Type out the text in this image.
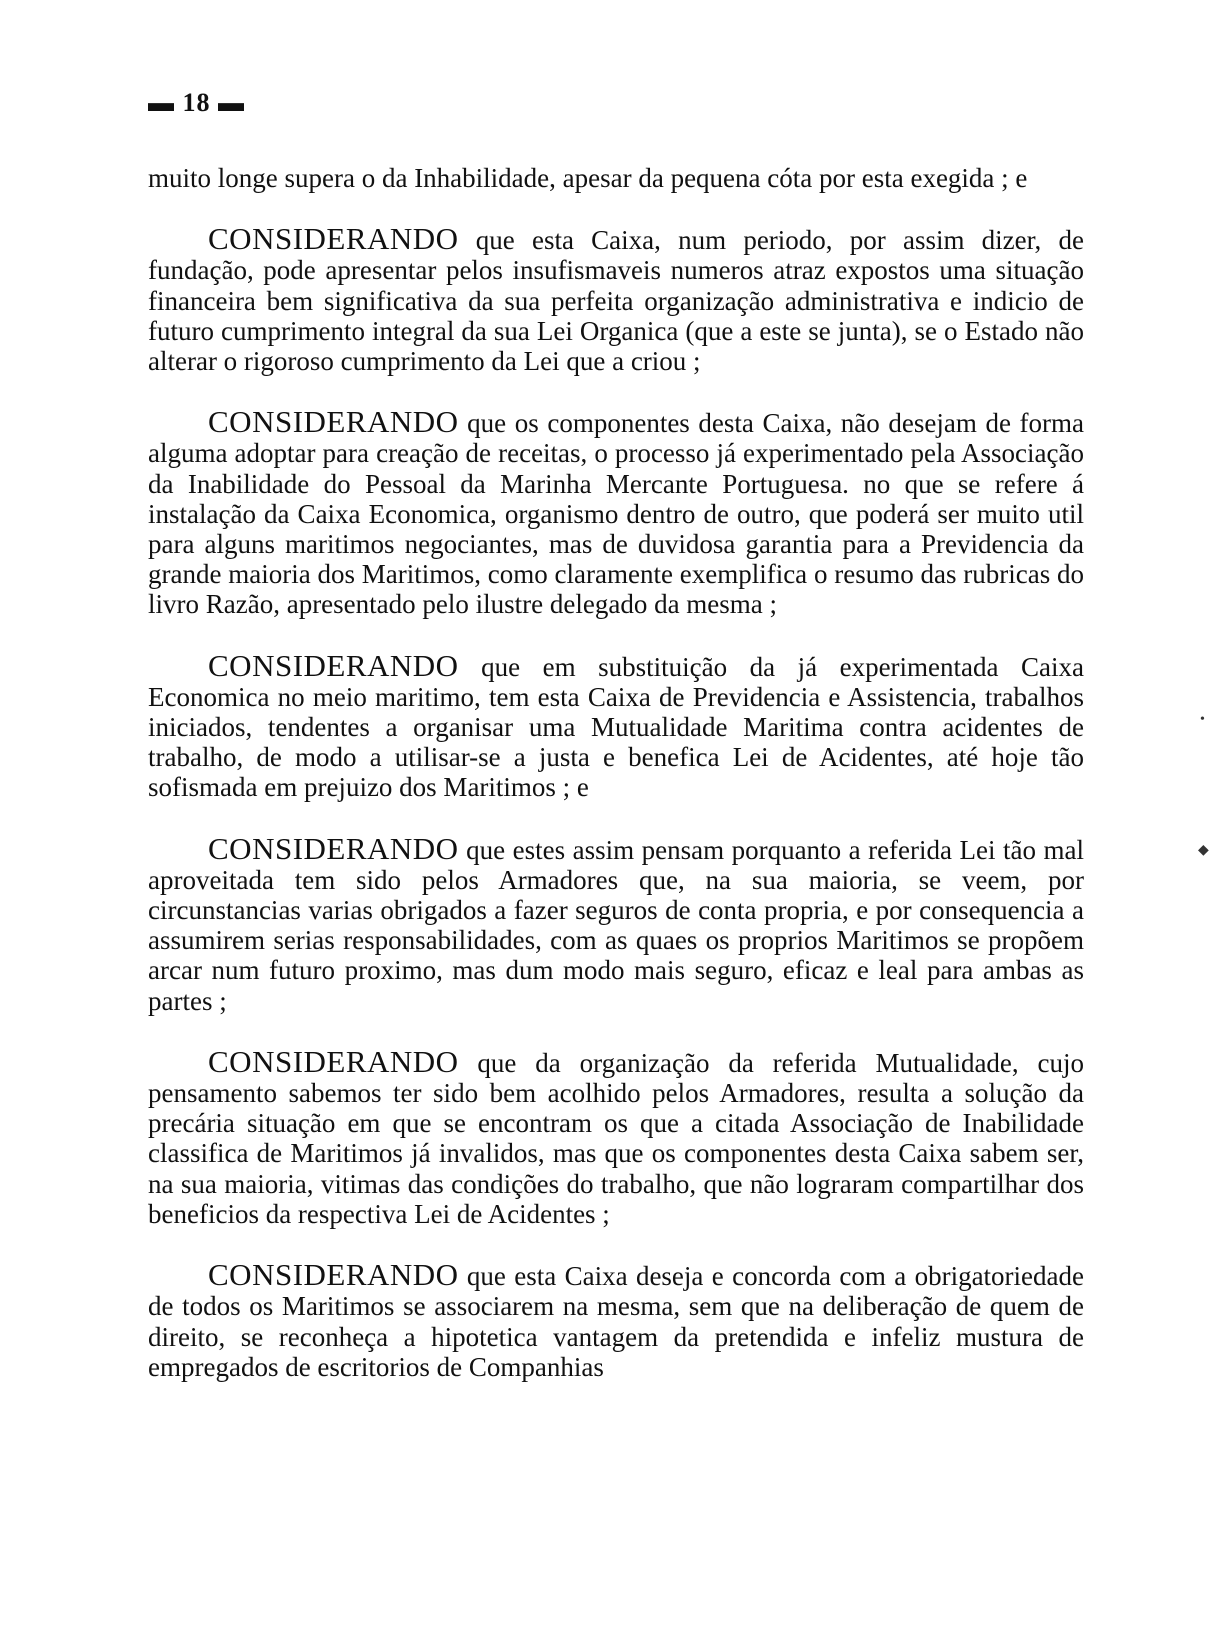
▬ 18 ▬

muito longe supera o da Inhabilidade, apesar da pequena cóta por esta exegida ; e

CONSIDERANDO que esta Caixa, num periodo, por assim dizer, de fundação, pode apresentar pelos insufismaveis numeros atraz expostos uma situação financeira bem significativa da sua perfeita organização administrativa e indicio de futuro cumprimento integral da sua Lei Organica (que a este se junta), se o Estado não alterar o rigoroso cumprimento da Lei que a criou ;

CONSIDERANDO que os componentes desta Caixa, não desejam de forma alguma adoptar para creação de receitas, o processo já experimentado pela Associação da Inabilidade do Pessoal da Marinha Mercante Portuguesa. no que se refere á instalação da Caixa Economica, organismo dentro de outro, que poderá ser muito util para alguns maritimos negociantes, mas de duvidosa garantia para a Previdencia da grande maioria dos Maritimos, como claramente exemplifica o resumo das rubricas do livro Razão, apresentado pelo ilustre delegado da mesma ;

CONSIDERANDO que em substituição da já experimentada Caixa Economica no meio maritimo, tem esta Caixa de Previdencia e Assistencia, trabalhos iniciados, tendentes a organisar uma Mutualidade Maritima contra acidentes de trabalho, de modo a utilisar-se a justa e benefica Lei de Acidentes, até hoje tão sofismada em prejuizo dos Maritimos ; e

CONSIDERANDO que estes assim pensam porquanto a referida Lei tão mal aproveitada tem sido pelos Armadores que, na sua maioria, se veem, por circunstancias varias obrigados a fazer seguros de conta propria, e por consequencia a assumirem serias responsabilidades, com as quaes os proprios Maritimos se propõem arcar num futuro proximo, mas dum modo mais seguro, eficaz e leal para ambas as partes ;

CONSIDERANDO que da organização da referida Mutualidade, cujo pensamento sabemos ter sido bem acolhido pelos Armadores, resulta a solução da precária situação em que se encontram os que a citada Associação de Inabilidade classifica de Maritimos já invalidos, mas que os componentes desta Caixa sabem ser, na sua maioria, vitimas das condições do trabalho, que não lograram compartilhar dos beneficios da respectiva Lei de Acidentes ;

CONSIDERANDO que esta Caixa deseja e concorda com a obrigatoriedade de todos os Maritimos se associarem na mesma, sem que na deliberação de quem de direito, se reconheça a hipotetica vantagem da pretendida e infeliz mustura de empregados de escritorios de Companhias

•
◆
